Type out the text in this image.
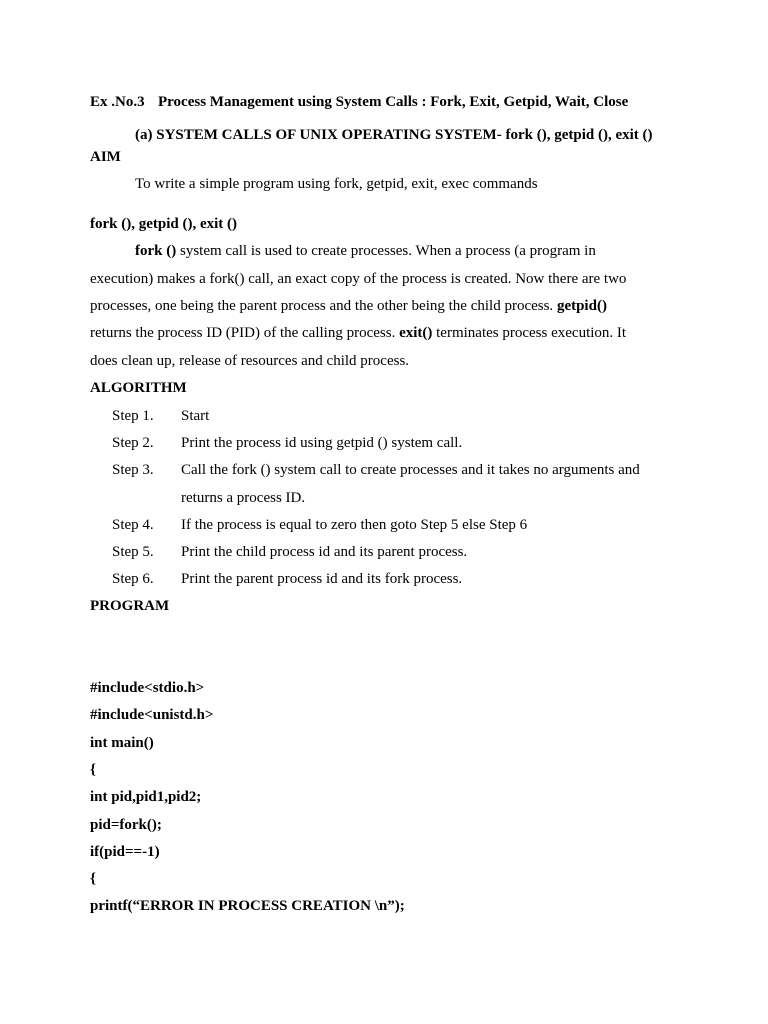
Ex .No.3 Process Management using System Calls : Fork, Exit, Getpid, Wait, Close
(a) SYSTEM CALLS OF UNIX OPERATING SYSTEM- fork (), getpid (), exit ()
AIM
To write a simple program using fork, getpid, exit, exec commands
fork (), getpid (), exit ()
fork () system call is used to create processes. When a process (a program in
execution) makes a fork() call, an exact copy of the process is created. Now there are two
processes, one being the parent process and the other being the child process. getpid()
returns the process ID (PID) of the calling process. exit() terminates process execution. It
does clean up, release of resources and child process.
ALGORITHM
Step 1. Start
Step 2. Print the process id using getpid () system call.
Step 3. Call the fork () system call to create processes and it takes no arguments and
returns a process ID.
Step 4. If the process is equal to zero then goto Step 5 else Step 6
Step 5. Print the child process id and its parent process.
Step 6. Print the parent process id and its fork process.
PROGRAM
#include<stdio.h>
#include<unistd.h>
int main()
{
int pid,pid1,pid2;
pid=fork();
if(pid==-1)
{
printf(“ERROR IN PROCESS CREATION \n”);
